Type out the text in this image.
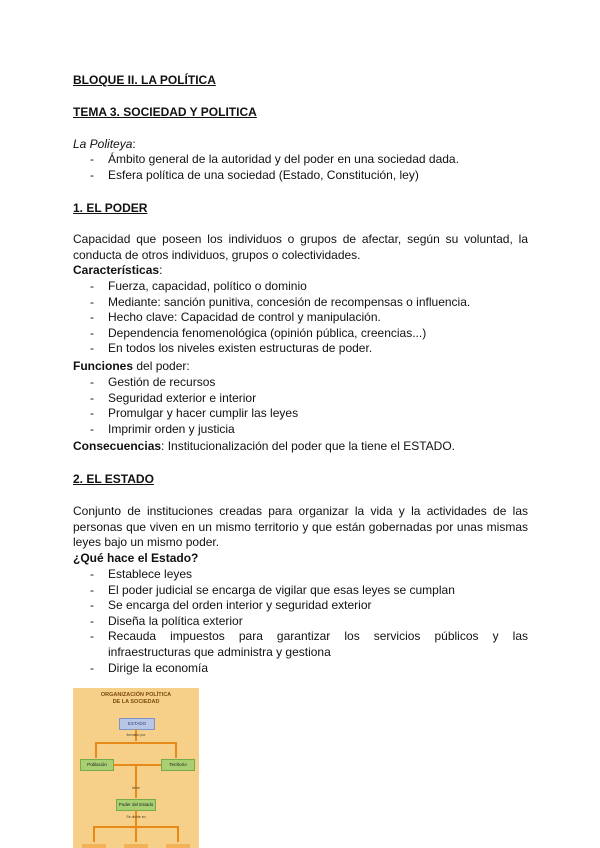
BLOQUE II. LA POLÍTICA
TEMA 3. SOCIEDAD Y POLITICA
La Politeya:
- Ámbito general de la autoridad y del poder en una sociedad dada.
- Esfera política de una sociedad (Estado, Constitución, ley)
1. EL PODER
Capacidad que poseen los individuos o grupos de afectar, según su voluntad, la conducta de otros individuos, grupos o colectividades.
Características:
- Fuerza, capacidad, político o dominio
- Mediante: sanción punitiva, concesión de recompensas o influencia.
- Hecho clave: Capacidad de control y manipulación.
- Dependencia fenomenológica (opinión pública, creencias...)
- En todos los niveles existen estructuras de poder.
Funciones del poder:
- Gestión de recursos
- Seguridad exterior e interior
- Promulgar y hacer cumplir las leyes
- Imprimir orden y justicia
Consecuencias: Institucionalización del poder que la tiene el ESTADO.
2. EL ESTADO
Conjunto de instituciones creadas para organizar la vida y la actividades de las personas que viven en un mismo territorio y que están gobernadas por unas mismas leyes bajo un mismo poder.
¿Qué hace el Estado?
- Establece leyes
- El poder judicial se encarga de vigilar que esas leyes se cumplan
- Se encarga del orden interior y seguridad exterior
- Diseña la política exterior
- Recauda impuestos para garantizar los servicios públicos y las infraestructuras que administra y gestiona
- Dirige la economía
ORGANIZACIÓN POLÍTICA
DE LA SOCIEDAD
ESTADO
formado por
Población	Territorio
tiene
Poder del Estado
Se divide en
